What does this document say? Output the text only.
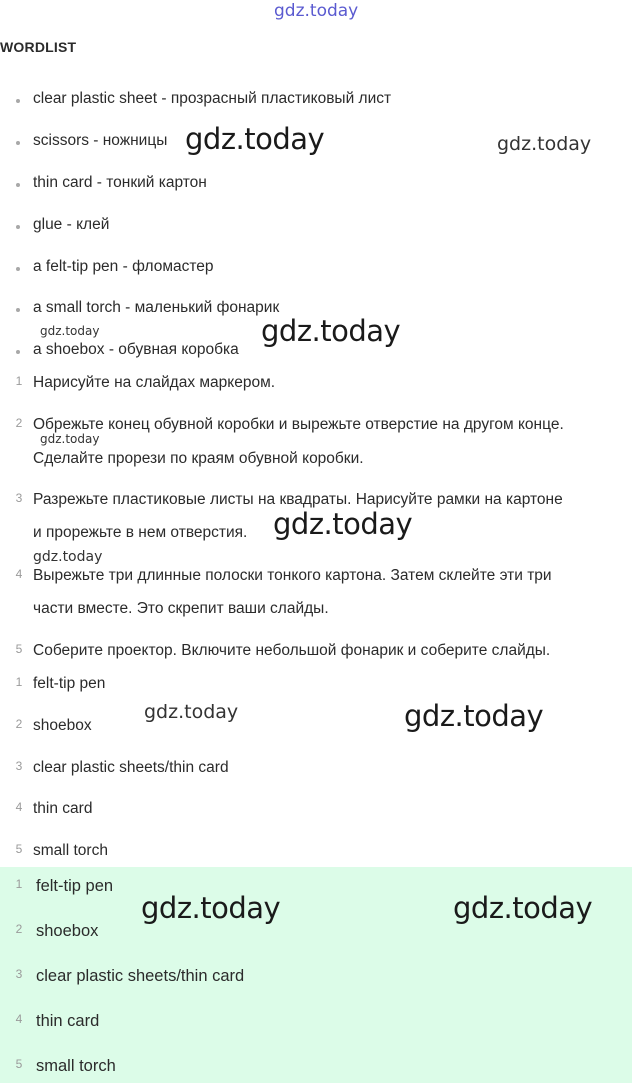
gdz.today
WORDLIST
clear plastic sheet - прозрасный пластиковый лист
scissors - ножницы
thin card - тонкий картон
glue - клей
a felt-tip pen - фломастер
a small torch - маленький фонарик
a shoebox - обувная коробка
1 Нарисуйте на слайдах маркером.
2 Обрежьте конец обувной коробки и вырежьте отверстие на другом конце.
Сделайте прорези по краям обувной коробки.
3 Разрежьте пластиковые листы на квадраты. Нарисуйте рамки на картоне
и прорежьте в нем отверстия.
4 Вырежьте три длинные полоски тонкого картона. Затем склейте эти три
части вместе. Это скрепит ваши слайды.
5 Соберите проектор. Включите небольшой фонарик и соберите слайды.
1 felt-tip pen
2 shoebox
3 clear plastic sheets/thin card
4 thin card
5 small torch
1 felt-tip pen
2 shoebox
3 clear plastic sheets/thin card
4 thin card
5 small torch
gdz.today	gdz.today
gdz.today	gdz.today
gdz.today
gdz.today
gdz.today
gdz.today	gdz.today
gdz.today	gdz.today
